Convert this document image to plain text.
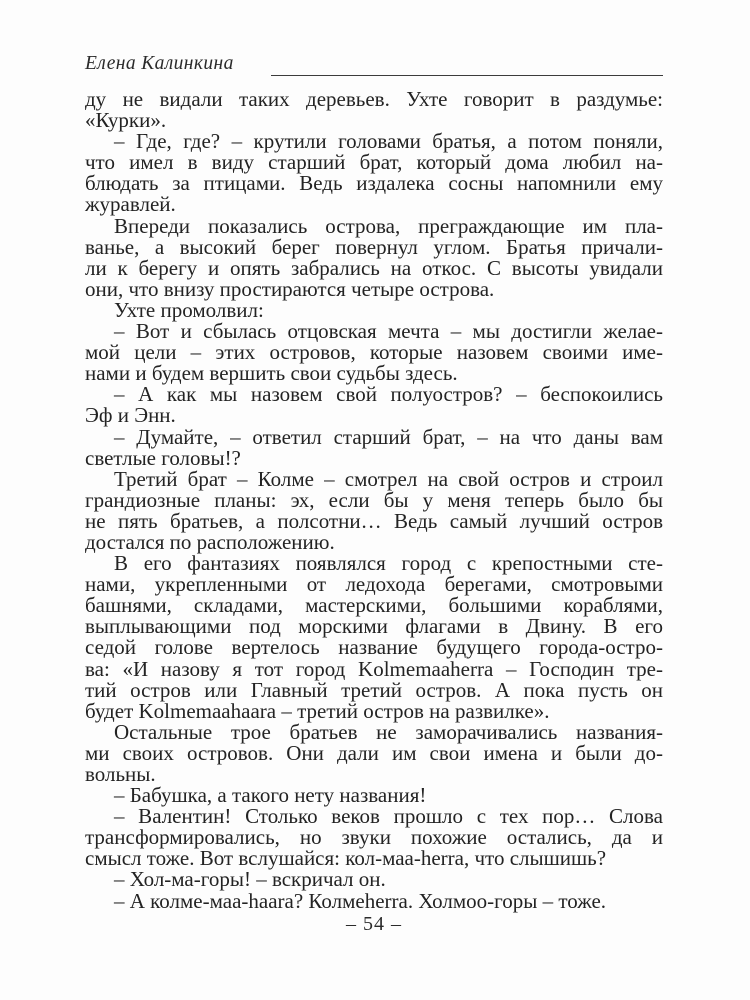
Елена Калинкина
ду не видали таких деревьев. Ухте говорит в раздумье:
«Курки».
– Где, где? – крутили головами братья, а потом поняли,
что имел в виду старший брат, который дома любил на-
блюдать за птицами. Ведь издалека сосны напомнили ему
журавлей.
Впереди показались острова, преграждающие им пла-
ванье, а высокий берег повернул углом. Братья причали-
ли к берегу и опять забрались на откос. С высоты увидали
они, что внизу простираются четыре острова.
Ухте промолвил:
– Вот и сбылась отцовская мечта – мы достигли желае-
мой цели – этих островов, которые назовем своими име-
нами и будем вершить свои судьбы здесь.
– А как мы назовем свой полуостров? – беспокоились
Эф и Энн.
– Думайте, – ответил старший брат, – на что даны вам
светлые головы!?
Третий брат – Колме – смотрел на свой остров и строил
грандиозные планы: эх, если бы у меня теперь было бы
не пять братьев, а полсотни… Ведь самый лучший остров
достался по расположению.
В его фантазиях появлялся город с крепостными сте-
нами, укрепленными от ледохода берегами, смотровыми
башнями, складами, мастерскими, большими кораблями,
выплывающими под морскими флагами в Двину. В его
седой голове вертелось название будущего города-остро-
ва: «И назову я тот город Kolmemaaherra – Господин тре-
тий остров или Главный третий остров. А пока пусть он
будет Kolmemaahaara – третий остров на развилке».
Остальные трое братьев не заморачивались названия-
ми своих островов. Они дали им свои имена и были до-
вольны.
– Бабушка, а такого нету названия!
– Валентин! Столько веков прошло с тех пор… Слова
трансформировались, но звуки похожие остались, да и
смысл тоже. Вот вслушайся: кол-маа-herra, что слышишь?
– Хол-ма-горы! – вскричал он.
– А колме-маа-haara? Колмеherra. Холмоо-горы – тоже.
– 54 –
